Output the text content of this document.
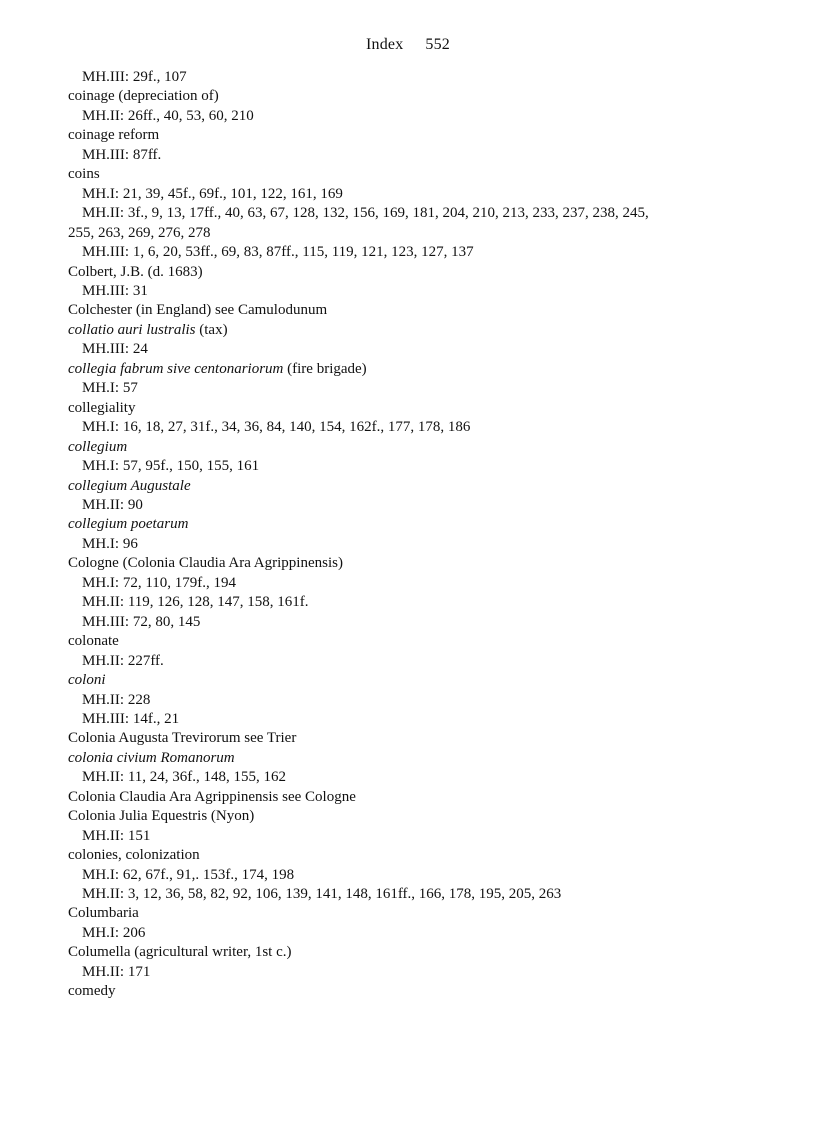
Index 552
MH.III: 29f., 107
coinage (depreciation of)
MH.II: 26ff., 40, 53, 60, 210
coinage reform
MH.III: 87ff.
coins
MH.I: 21, 39, 45f., 69f., 101, 122, 161, 169
MH.II: 3f., 9, 13, 17ff., 40, 63, 67, 128, 132, 156, 169, 181, 204, 210, 213, 233, 237, 238, 245,
255, 263, 269, 276, 278
MH.III: 1, 6, 20, 53ff., 69, 83, 87ff., 115, 119, 121, 123, 127, 137
Colbert, J.B. (d. 1683)
MH.III: 31
Colchester (in England) see Camulodunum
collatio auri lustralis (tax)
MH.III: 24
collegia fabrum sive centonariorum (fire brigade)
MH.I: 57
collegiality
MH.I: 16, 18, 27, 31f., 34, 36, 84, 140, 154, 162f., 177, 178, 186
collegium
MH.I: 57, 95f., 150, 155, 161
collegium Augustale
MH.II: 90
collegium poetarum
MH.I: 96
Cologne (Colonia Claudia Ara Agrippinensis)
MH.I: 72, 110, 179f., 194
MH.II: 119, 126, 128, 147, 158, 161f.
MH.III: 72, 80, 145
colonate
MH.II: 227ff.
coloni
MH.II: 228
MH.III: 14f., 21
Colonia Augusta Trevirorum see Trier
colonia civium Romanorum
MH.II: 11, 24, 36f., 148, 155, 162
Colonia Claudia Ara Agrippinensis see Cologne
Colonia Julia Equestris (Nyon)
MH.II: 151
colonies, colonization
MH.I: 62, 67f., 91,. 153f., 174, 198
MH.II: 3, 12, 36, 58, 82, 92, 106, 139, 141, 148, 161ff., 166, 178, 195, 205, 263
Columbaria
MH.I: 206
Columella (agricultural writer, 1st c.)
MH.II: 171
comedy
